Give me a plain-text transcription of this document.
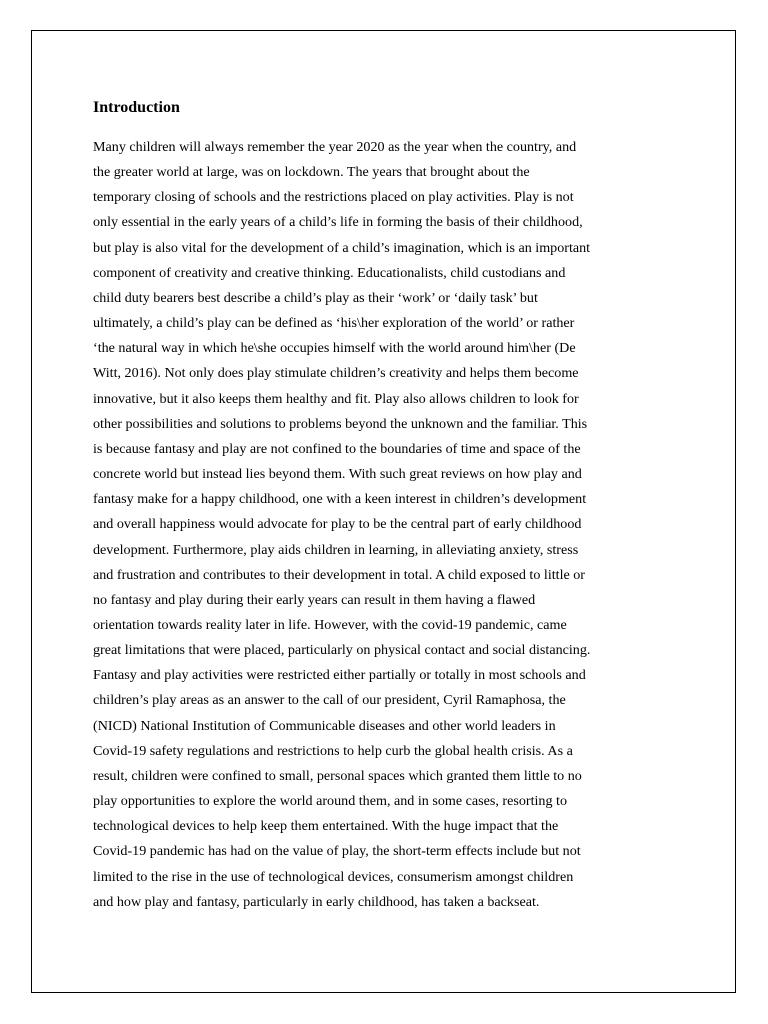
Introduction
Many children will always remember the year 2020 as the year when the country, and
the greater world at large, was on lockdown. The years that brought about the
temporary closing of schools and the restrictions placed on play activities. Play is not
only essential in the early years of a child’s life in forming the basis of their childhood,
but play is also vital for the development of a child’s imagination, which is an important
component of creativity and creative thinking. Educationalists, child custodians and
child duty bearers best describe a child’s play as their ‘work’ or ‘daily task’ but
ultimately, a child’s play can be defined as ‘his\her exploration of the world’ or rather
‘the natural way in which he\she occupies himself with the world around him\her (De
Witt, 2016). Not only does play stimulate children’s creativity and helps them become
innovative, but it also keeps them healthy and fit. Play also allows children to look for
other possibilities and solutions to problems beyond the unknown and the familiar. This
is because fantasy and play are not confined to the boundaries of time and space of the
concrete world but instead lies beyond them. With such great reviews on how play and
fantasy make for a happy childhood, one with a keen interest in children’s development
and overall happiness would advocate for play to be the central part of early childhood
development. Furthermore, play aids children in learning, in alleviating anxiety, stress
and frustration and contributes to their development in total. A child exposed to little or
no fantasy and play during their early years can result in them having a flawed
orientation towards reality later in life. However, with the covid-19 pandemic, came
great limitations that were placed, particularly on physical contact and social distancing.
Fantasy and play activities were restricted either partially or totally in most schools and
children’s play areas as an answer to the call of our president, Cyril Ramaphosa, the
(NICD) National Institution of Communicable diseases and other world leaders in
Covid-19 safety regulations and restrictions to help curb the global health crisis. As a
result, children were confined to small, personal spaces which granted them little to no
play opportunities to explore the world around them, and in some cases, resorting to
technological devices to help keep them entertained. With the huge impact that the
Covid-19 pandemic has had on the value of play, the short-term effects include but not
limited to the rise in the use of technological devices, consumerism amongst children
and how play and fantasy, particularly in early childhood, has taken a backseat.
